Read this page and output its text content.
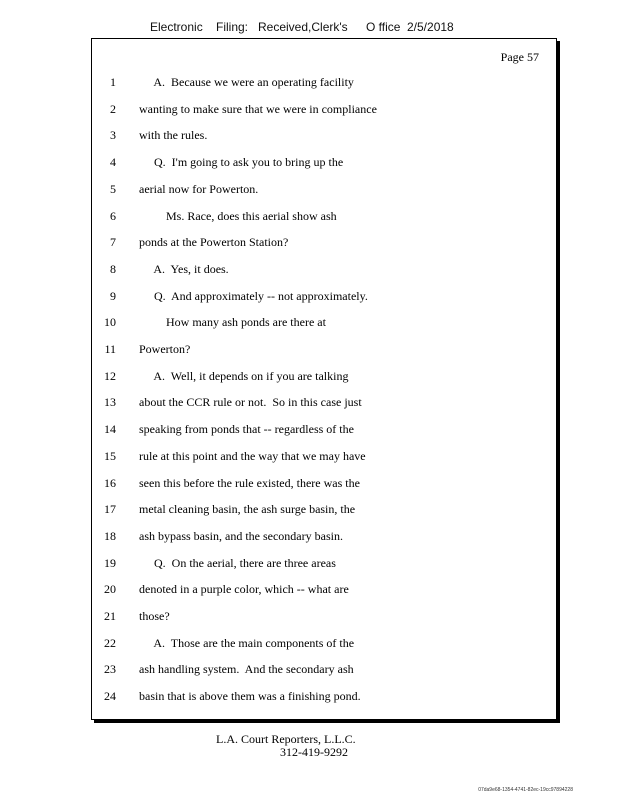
Electronic Filing: Received,Clerk's O ffice 2/5/2018
Page 57
1 A.  Because we were an operating facility
2 wanting to make sure that we were in compliance
3 with the rules.
4 Q.  I'm going to ask you to bring up the
5 aerial now for Powerton.
6 Ms. Race, does this aerial show ash
7 ponds at the Powerton Station?
8 A.  Yes, it does.
9 Q.  And approximately -- not approximately.
10 How many ash ponds are there at
11 Powerton?
12 A.  Well, it depends on if you are talking
13 about the CCR rule or not.  So in this case just
14 speaking from ponds that -- regardless of the
15 rule at this point and the way that we may have
16 seen this before the rule existed, there was the
17 metal cleaning basin, the ash surge basin, the
18 ash bypass basin, and the secondary basin.
19 Q.  On the aerial, there are three areas
20 denoted in a purple color, which -- what are
21 those?
22 A.  Those are the main components of the
23 ash handling system.  And the secondary ash
24 basin that is above them was a finishing pond.
L.A. Court Reporters, L.L.C.
312-419-9292
07da9e68-1354-4741-82ec-19cc97894228
